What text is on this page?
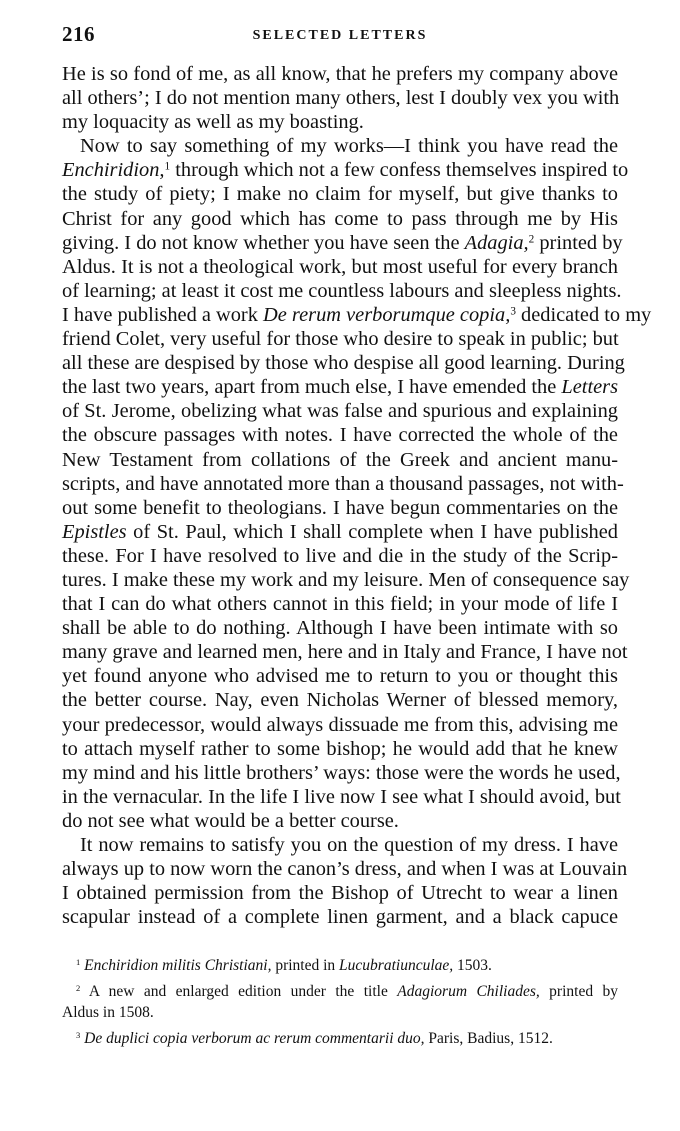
216	SELECTED LETTERS
He is so fond of me, as all know, that he prefers my company above
all others’; I do not mention many others, lest I doubly vex you with
my loquacity as well as my boasting.
Now to say something of my works—I think you have read the
Enchiridion,$^1$ through which not a few confess themselves inspired to
the study of piety; I make no claim for myself, but give thanks to
Christ for any good which has come to pass through me by His
giving. I do not know whether you have seen the Adagia,$^2$ printed by
Aldus. It is not a theological work, but most useful for every branch
of learning; at least it cost me countless labours and sleepless nights.
I have published a work De rerum verborumque copia,$^3$ dedicated to my
friend Colet, very useful for those who desire to speak in public; but
all these are despised by those who despise all good learning. During
the last two years, apart from much else, I have emended the Letters
of St. Jerome, obelizing what was false and spurious and explaining
the obscure passages with notes. I have corrected the whole of the
New Testament from collations of the Greek and ancient manu-
scripts, and have annotated more than a thousand passages, not with-
out some benefit to theologians. I have begun commentaries on the
Epistles of St. Paul, which I shall complete when I have published
these. For I have resolved to live and die in the study of the Scrip-
tures. I make these my work and my leisure. Men of consequence say
that I can do what others cannot in this field; in your mode of life I
shall be able to do nothing. Although I have been intimate with so
many grave and learned men, here and in Italy and France, I have not
yet found anyone who advised me to return to you or thought this
the better course. Nay, even Nicholas Werner of blessed memory,
your predecessor, would always dissuade me from this, advising me
to attach myself rather to some bishop; he would add that he knew
my mind and his little brothers’ ways: those were the words he used,
in the vernacular. In the life I live now I see what I should avoid, but
do not see what would be a better course.
It now remains to satisfy you on the question of my dress. I have
always up to now worn the canon’s dress, and when I was at Louvain
I obtained permission from the Bishop of Utrecht to wear a linen
scapular instead of a complete linen garment, and a black capuce
$^1$ Enchiridion militis Christiani, printed in Lucubratiunculae, 1503.
$^2$ A new and enlarged edition under the title Adagiorum Chiliades, printed by
Aldus in 1508.
$^3$ De duplici copia verborum ac rerum commentarii duo, Paris, Badius, 1512.
